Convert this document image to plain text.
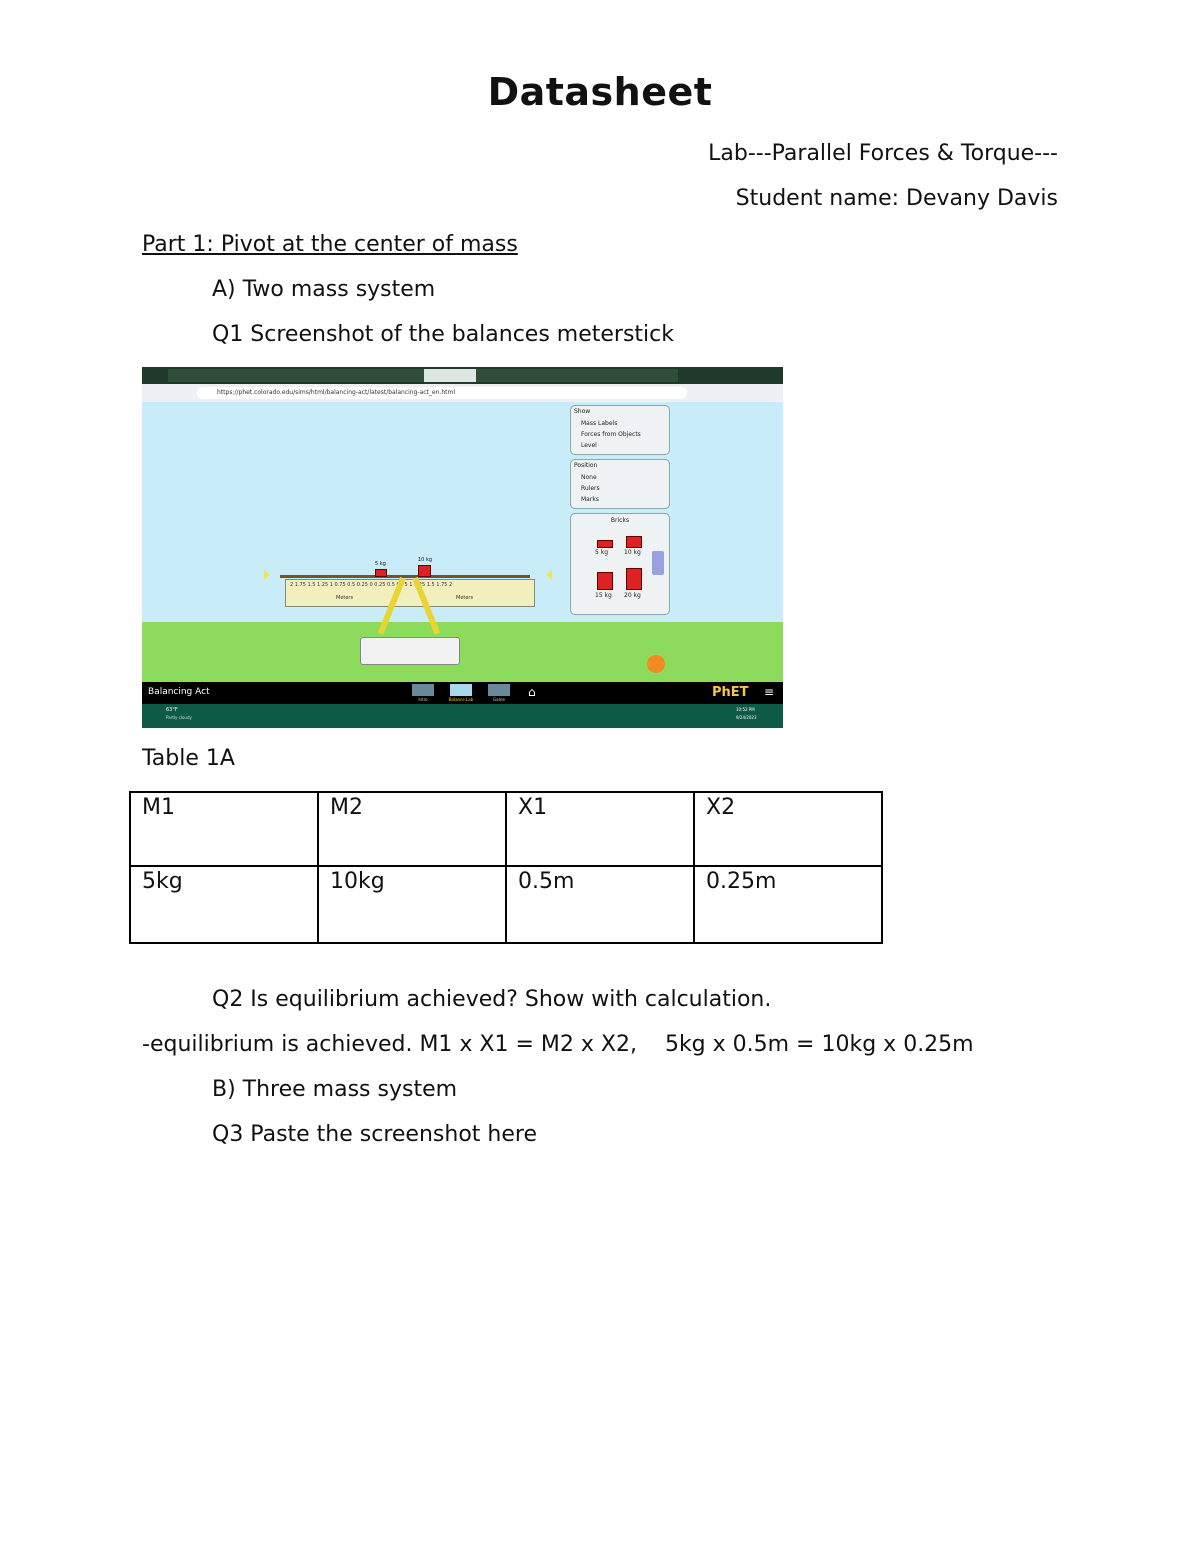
Datasheet
Lab---Parallel Forces & Torque---
Student name: Devany Davis
Part 1: Pivot at the center of mass
A) Two mass system
Q1 Screenshot of the balances meterstick
https://phet.colorado.edu/sims/html/balancing-act/latest/balancing-act_en.html
Show
Mass Labels
Forces from Objects
Level
Position
None
Rulers
Marks
Bricks
5 kg	10 kg
15 kg 20 kg
2 1.75 1.5 1.25 1 0.75 0.5 0.25 0 0.25 0.5 0.75 1 1.25 1.5 1.75 2
Meters	Meters
5 kg
10 kg
Balancing Act
Intro	Balance Lab	Game
⌂	PhET ≡
63°F
Partly cloudy
10:52 PM
9/24/2023
Table 1A
M1	M2	X1	X2
5kg	10kg	0.5m	0.25m
Q2 Is equilibrium achieved? Show with calculation.
-equilibrium is achieved. M1 x X1 = M2 x X2,    5kg x 0.5m = 10kg x 0.25m
B) Three mass system
Q3 Paste the screenshot here
